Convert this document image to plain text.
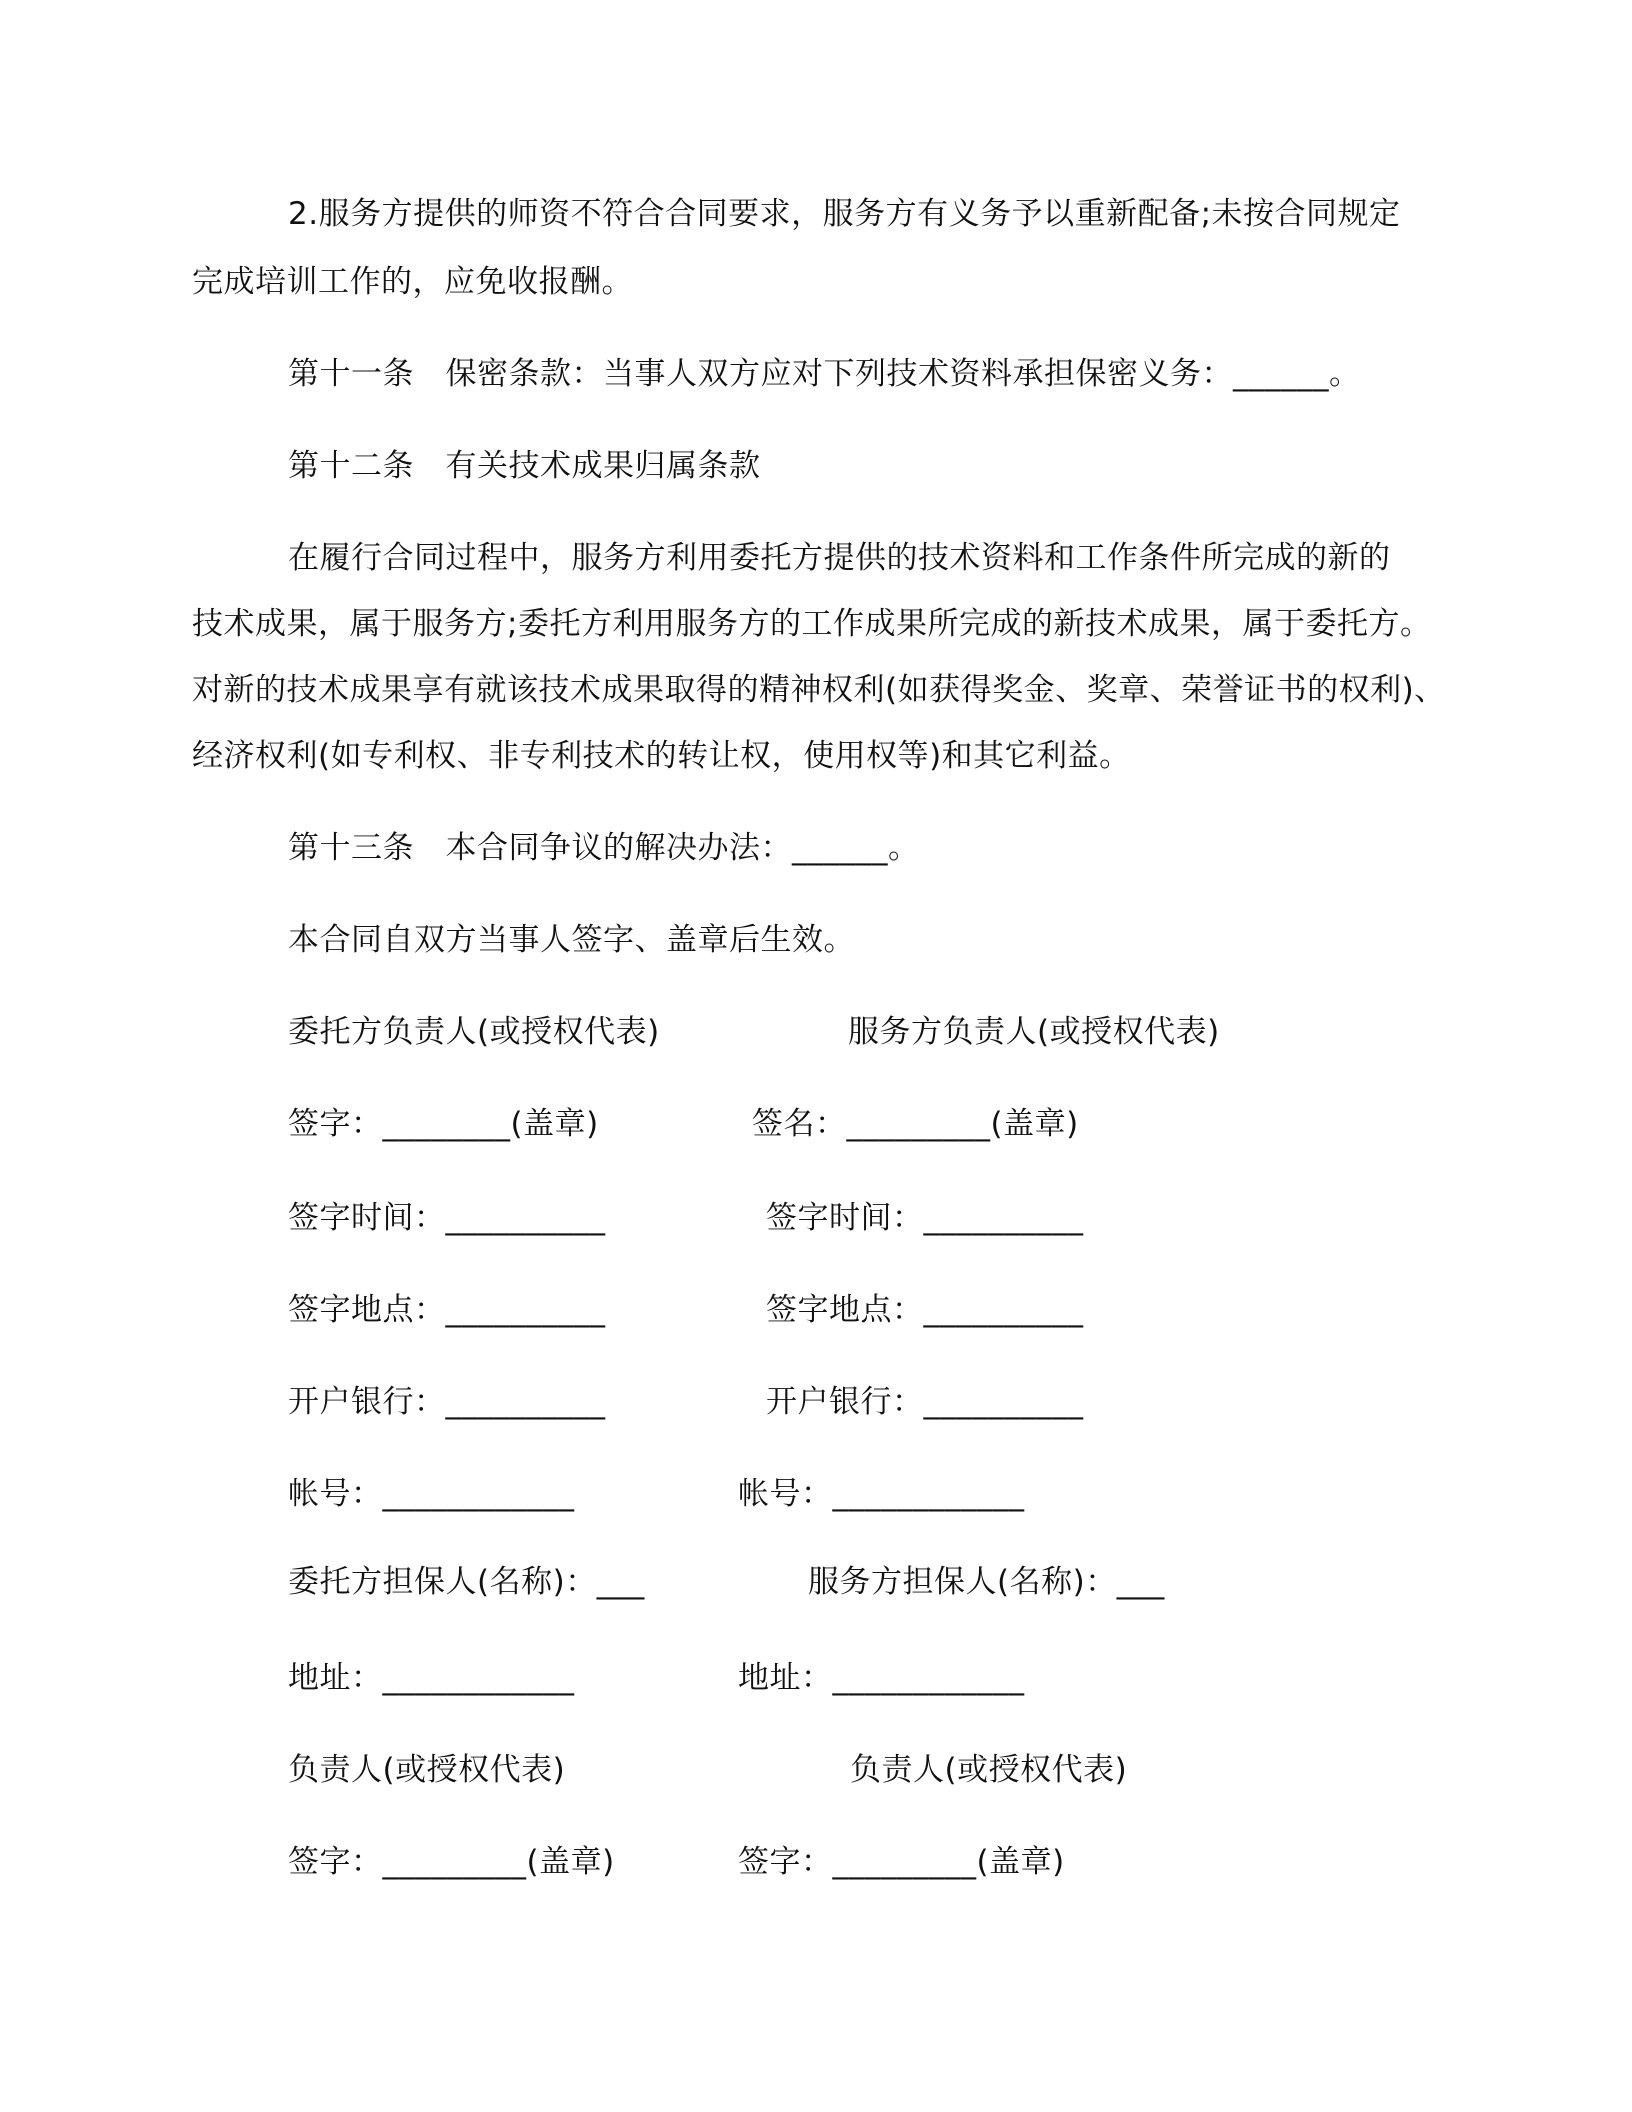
2.服务方提供的师资不符合合同要求，服务方有义务予以重新配备;未按合同规定
完成培训工作的，应免收报酬。
第十一条　保密条款：当事人双方应对下列技术资料承担保密义务：______。
第十二条　有关技术成果归属条款
在履行合同过程中，服务方利用委托方提供的技术资料和工作条件所完成的新的
技术成果，属于服务方;委托方利用服务方的工作成果所完成的新技术成果，属于委托方。
对新的技术成果享有就该技术成果取得的精神权利(如获得奖金、奖章、荣誉证书的权利)、
经济权利(如专利权、非专利技术的转让权，使用权等)和其它利益。
第十三条　本合同争议的解决办法：______。
本合同自双方当事人签字、盖章后生效。
委托方负责人(或授权代表)
签字：________(盖章)
签字时间：__________
签字地点：__________
开户银行：__________
帐号：____________
委托方担保人(名称)：___
地址：____________
负责人(或授权代表)
签字：_________(盖章)
服务方负责人(或授权代表)
签名：_________(盖章)
签字时间：__________
签字地点：__________
开户银行：__________
帐号：____________
服务方担保人(名称)：___
地址：____________
负责人(或授权代表)
签字：_________(盖章)
